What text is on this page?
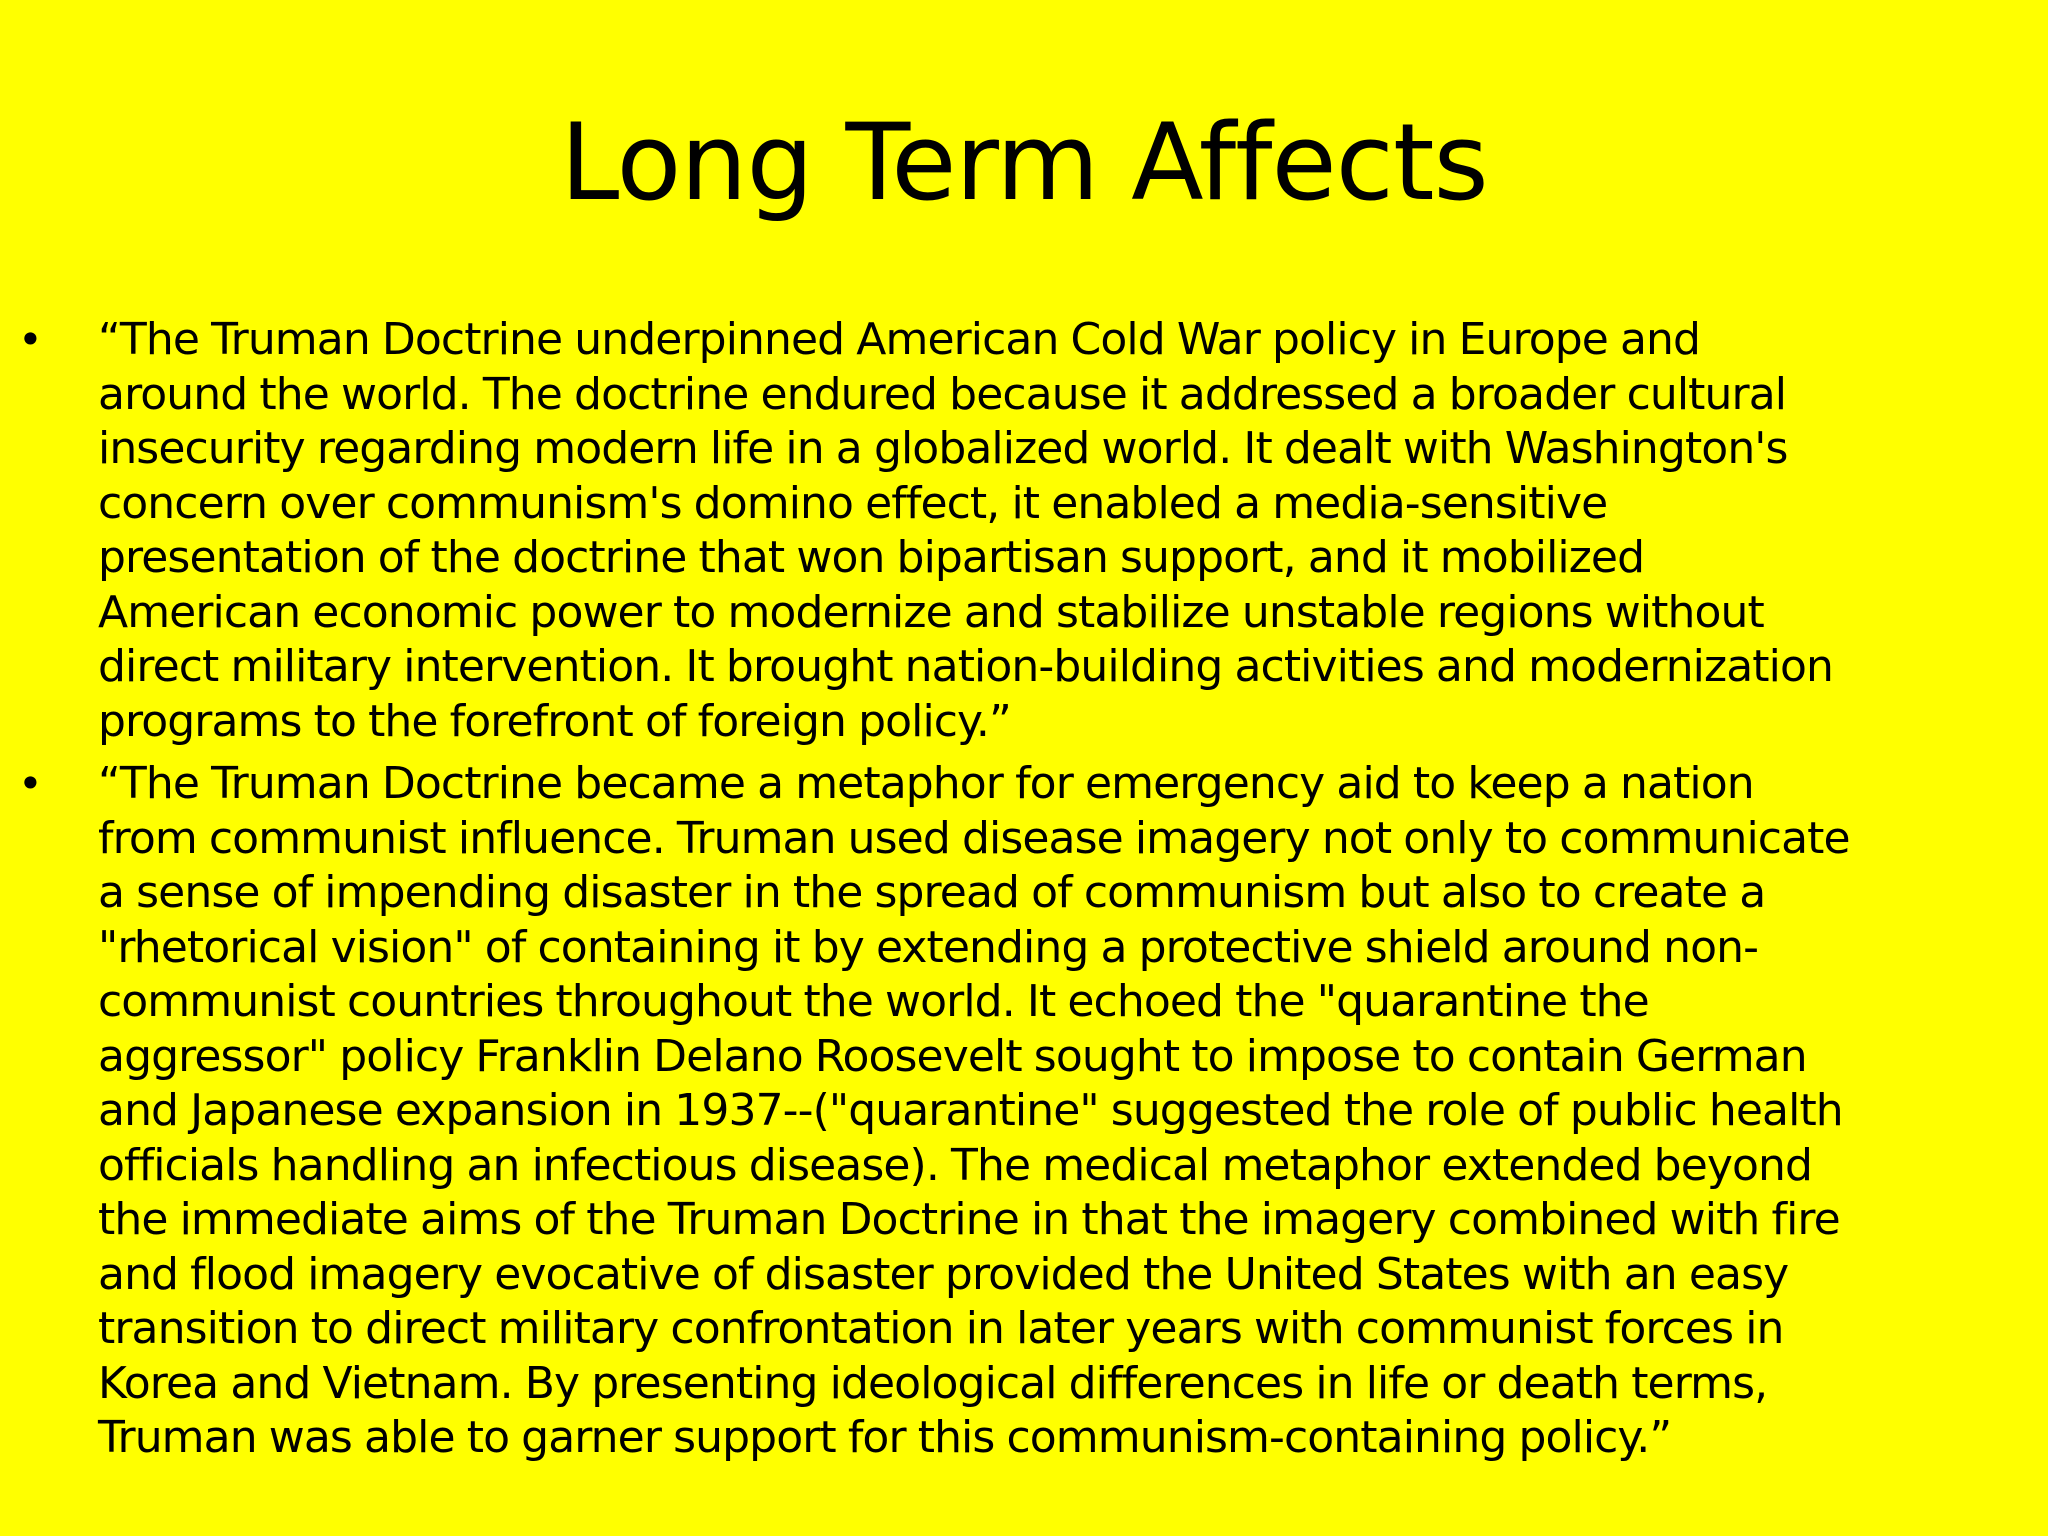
Long Term Affects
• “The Truman Doctrine underpinned American Cold War policy in Europe and
around the world. The doctrine endured because it addressed a broader cultural
insecurity regarding modern life in a globalized world. It dealt with Washington's
concern over communism's domino effect, it enabled a media-sensitive
presentation of the doctrine that won bipartisan support, and it mobilized
American economic power to modernize and stabilize unstable regions without
direct military intervention. It brought nation-building activities and modernization
programs to the forefront of foreign policy.”
• “The Truman Doctrine became a metaphor for emergency aid to keep a nation
from communist influence. Truman used disease imagery not only to communicate
a sense of impending disaster in the spread of communism but also to create a
"rhetorical vision" of containing it by extending a protective shield around non-
communist countries throughout the world. It echoed the "quarantine the
aggressor" policy Franklin Delano Roosevelt sought to impose to contain German
and Japanese expansion in 1937--("quarantine" suggested the role of public health
officials handling an infectious disease). The medical metaphor extended beyond
the immediate aims of the Truman Doctrine in that the imagery combined with fire
and flood imagery evocative of disaster provided the United States with an easy
transition to direct military confrontation in later years with communist forces in
Korea and Vietnam. By presenting ideological differences in life or death terms,
Truman was able to garner support for this communism-containing policy.”
